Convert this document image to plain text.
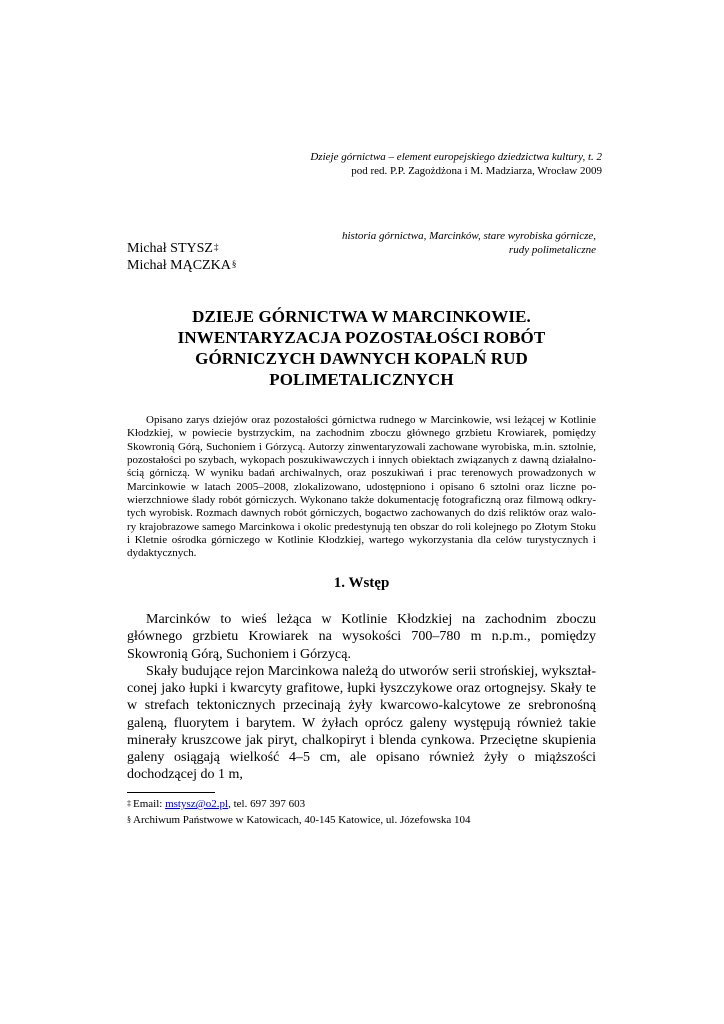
Dzieje górnictwa – element europejskiego dziedzictwa kultury, t. 2
pod red. P.P. Zagożdżona i M. Madziarza, Wrocław 2009
historia górnictwa, Marcinków, stare wyrobiska górnicze,
rudy polimetaliczne
Michał STYSZ‡
Michał MĄCZKA§
DZIEJE GÓRNICTWA W MARCINKOWIE.
INWENTARYZACJA POZOSTAŁOŚCI ROBÓT
GÓRNICZYCH DAWNYCH KOPALŃ RUD
POLIMETALICZNYCH

Opisano zarys dziejów oraz pozostałości górnictwa rudnego w Marcinkowie, wsi leżącej w Kotlinie Kłodzkiej, w powiecie bystrzyckim, na zachodnim zboczu głównego grzbietu Krowiarek, pomiędzy Skowronią Górą, Suchoniem i Górzycą. Autorzy zinwentaryzowali zachowane wyrobiska, m.in. sztolnie, pozostałości po szybach, wykopach poszukiwawczych i innych obiektach związanych z dawną działalnością górniczą. W wyniku badań archiwalnych, oraz poszukiwań i prac terenowych prowadzonych w Marcinkowie w latach 2005–2008, zlokalizowano, udostępniono i opisano 6 sztolni oraz liczne powierzchniowe ślady robót górniczych. Wykonano także dokumentację fotograficzną oraz filmową odkrytych wyrobisk. Rozmach dawnych robót górniczych, bogactwo zachowanych do dziś reliktów oraz walory krajobrazowe samego Marcinkowa i okolic predestynują ten obszar do roli kolejnego po Złotym Stoku i Kletnie ośrodka górniczego w Kotlinie Kłodzkiej, wartego wykorzystania dla celów turystycznych i dydaktycznych.

1. Wstęp

Marcinków to wieś leżąca w Kotlinie Kłodzkiej na zachodnim zboczu głównego grzbietu Krowiarek na wysokości 700–780 m n.p.m., pomiędzy Skowronią Górą, Suchoniem i Górzycą.

Skały budujące rejon Marcinkowa należą do utworów serii strońskiej, wykształconej jako łupki i kwarcyty grafitowe, łupki łyszczykowe oraz ortognejsy. Skały te w strefach tektonicznych przecinają żyły kwarcowo-kalcytowe ze srebronośną galeną, fluorytem i barytem. W żyłach oprócz galeny występują również takie minerały kruszcowe jak piryt, chalkopiryt i blenda cynkowa. Przeciętne skupienia galeny osiągają wielkość 4–5 cm, ale opisano również żyły o miąższości dochodzącej do 1 m,

‡ Email: mstysz@o2.pl, tel. 697 397 603
§ Archiwum Państwowe w Katowicach, 40-145 Katowice, ul. Józefowska 104
